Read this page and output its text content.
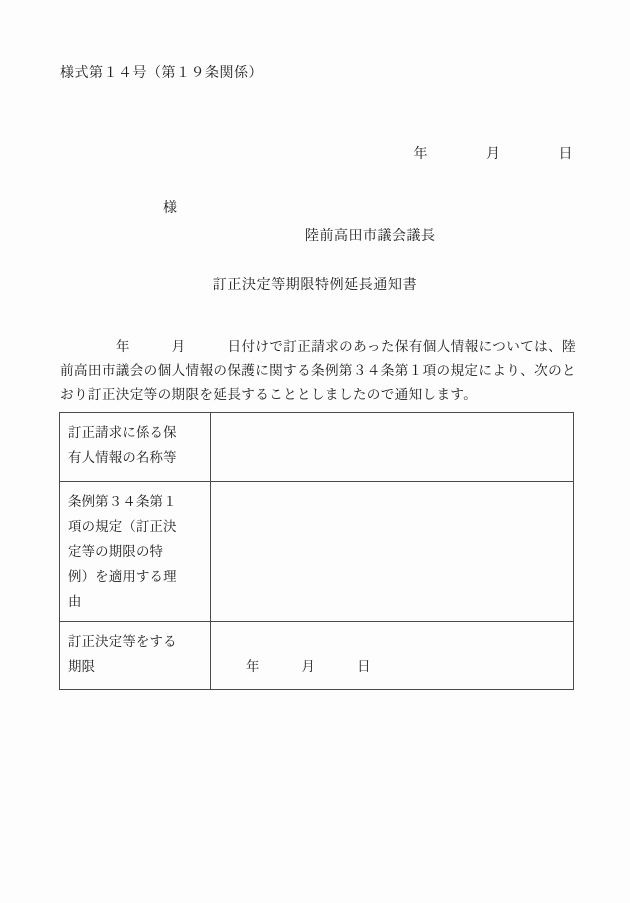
様式第１４号（第１９条関係）
年　　　　月　　　　日
様
陸前高田市議会議長
訂正決定等期限特例延長通知書

　　　　年　　　月　　　日付けで訂正請求のあった保有個人情報については、陸前高田市議会の個人情報の保護に関する条例第３４条第１項の規定により、次のとおり訂正決定等の期限を延長することとしましたので通知します。

訂正請求に係る保
有人情報の名称等	

条例第３４条第１
項の規定（訂正決
定等の期限の特
例）を適用する理
由	

訂正決定等をする
期限	年　　　月　　　日
